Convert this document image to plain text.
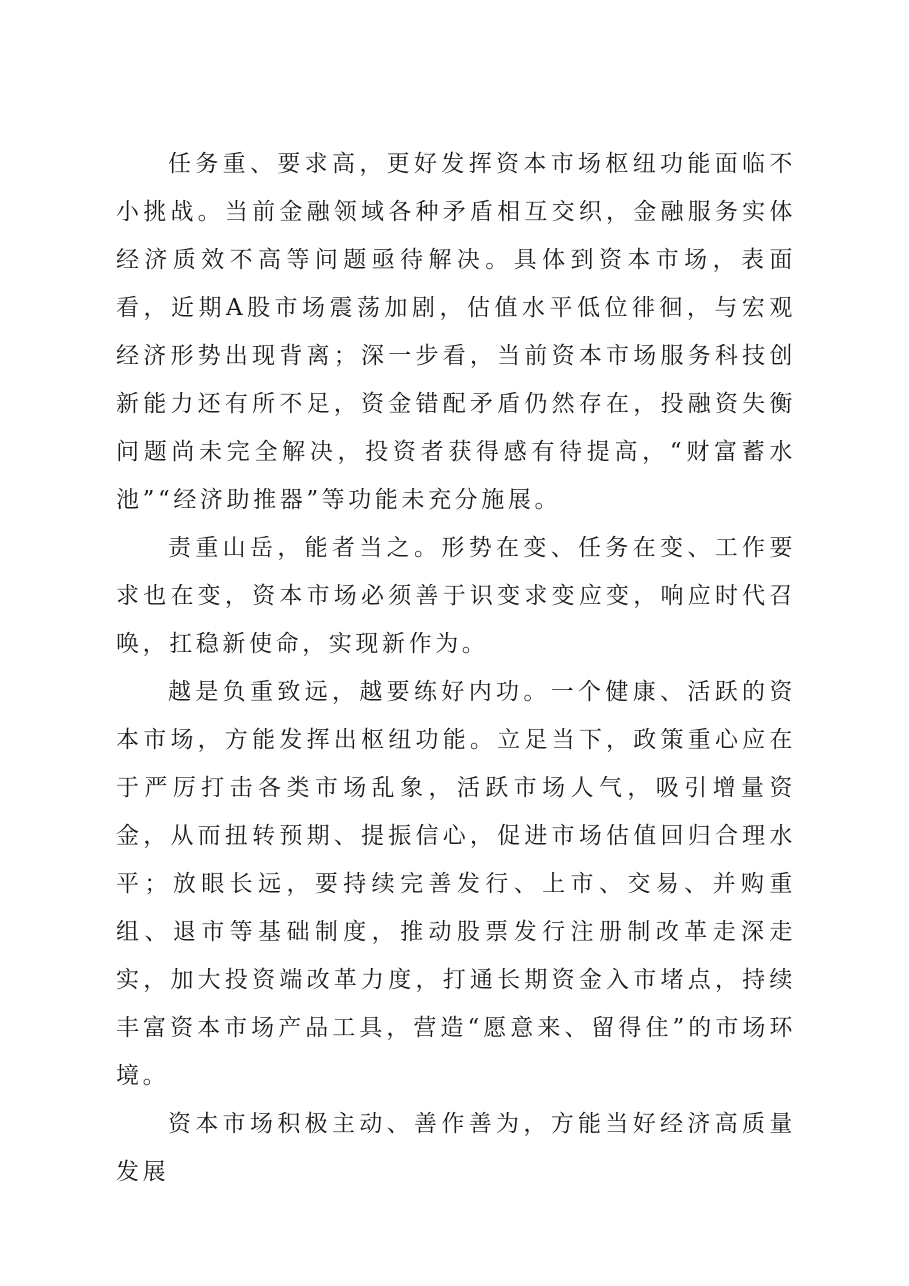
任务重、要求高，更好发挥资本市场枢纽功能面临不小挑战。当前金融领域各种矛盾相互交织，金融服务实体经济质效不高等问题亟待解决。具体到资本市场，表面看，近期A股市场震荡加剧，估值水平低位徘徊，与宏观经济形势出现背离；深一步看，当前资本市场服务科技创新能力还有所不足，资金错配矛盾仍然存在，投融资失衡问题尚未完全解决，投资者获得感有待提高，“财富蓄水池”“经济助推器”等功能未充分施展。

责重山岳，能者当之。形势在变、任务在变、工作要求也在变，资本市场必须善于识变求变应变，响应时代召唤，扛稳新使命，实现新作为。

越是负重致远，越要练好内功。一个健康、活跃的资本市场，方能发挥出枢纽功能。立足当下，政策重心应在于严厉打击各类市场乱象，活跃市场人气，吸引增量资金，从而扭转预期、提振信心，促进市场估值回归合理水平；放眼长远，要持续完善发行、上市、交易、并购重组、退市等基础制度，推动股票发行注册制改革走深走实，加大投资端改革力度，打通长期资金入市堵点，持续丰富资本市场产品工具，营造“愿意来、留得住”的市场环境。

资本市场积极主动、善作善为，方能当好经济高质量发展
